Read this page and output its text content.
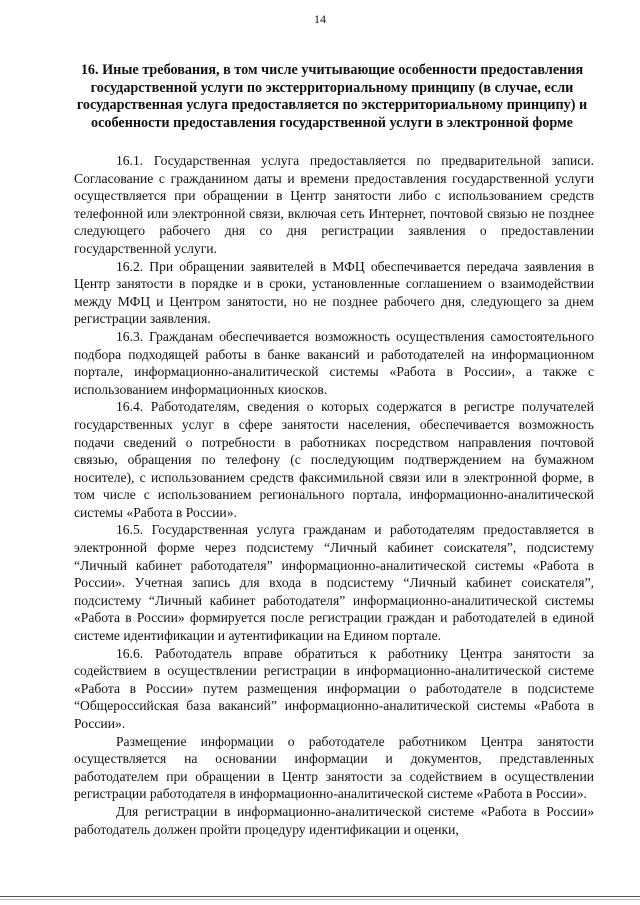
14
16. Иные требования, в том числе учитывающие особенности предоставления государственной услуги по экстерриториальному принципу (в случае, если государственная услуга предоставляется по экстерриториальному принципу) и особенности предоставления государственной услуги в электронной форме

16.1. Государственная услуга предоставляется по предварительной записи. Согласование с гражданином даты и времени предоставления государственной услуги осуществляется при обращении в Центр занятости либо с использованием средств телефонной или электронной связи, включая сеть Интернет, почтовой связью не позднее следующего рабочего дня со дня регистрации заявления о предоставлении государственной услуги.

16.2. При обращении заявителей в МФЦ обеспечивается передача заявления в Центр занятости в порядке и в сроки, установленные соглашением о взаимодействии между МФЦ и Центром занятости, но не позднее рабочего дня, следующего за днем регистрации заявления.

16.3. Гражданам обеспечивается возможность осуществления самостоятельного подбора подходящей работы в банке вакансий и работодателей на информационном портале, информационно-аналитической системы «Работа в России», а также с использованием информационных киосков.

16.4. Работодателям, сведения о которых содержатся в регистре получателей государственных услуг в сфере занятости населения, обеспечивается возможность подачи сведений о потребности в работниках посредством направления почтовой связью, обращения по телефону (с последующим подтверждением на бумажном носителе), с использованием средств факсимильной связи или в электронной форме, в том числе с использованием регионального портала, информационно-аналитической системы «Работа в России».

16.5. Государственная услуга гражданам и работодателям предоставляется в электронной форме через подсистему “Личный кабинет соискателя”, подсистему “Личный кабинет работодателя” информационно-аналитической системы «Работа в России». Учетная запись для входа в подсистему “Личный кабинет соискателя”, подсистему “Личный кабинет работодателя” информационно-аналитической системы «Работа в России» формируется после регистрации граждан и работодателей в единой системе идентификации и аутентификации на Едином портале.

16.6. Работодатель вправе обратиться к работнику Центра занятости за содействием в осуществлении регистрации в информационно-аналитической системе «Работа в России» путем размещения информации о работодателе в подсистеме “Общероссийская база вакансий” информационно-аналитической системы «Работа в России».

Размещение информации о работодателе работником Центра занятости осуществляется на основании информации и документов, представленных работодателем при обращении в Центр занятости за содействием в осуществлении регистрации работодателя в информационно-аналитической системе «Работа в России».

Для регистрации в информационно-аналитической системе «Работа в России» работодатель должен пройти процедуру идентификации и оценки,
